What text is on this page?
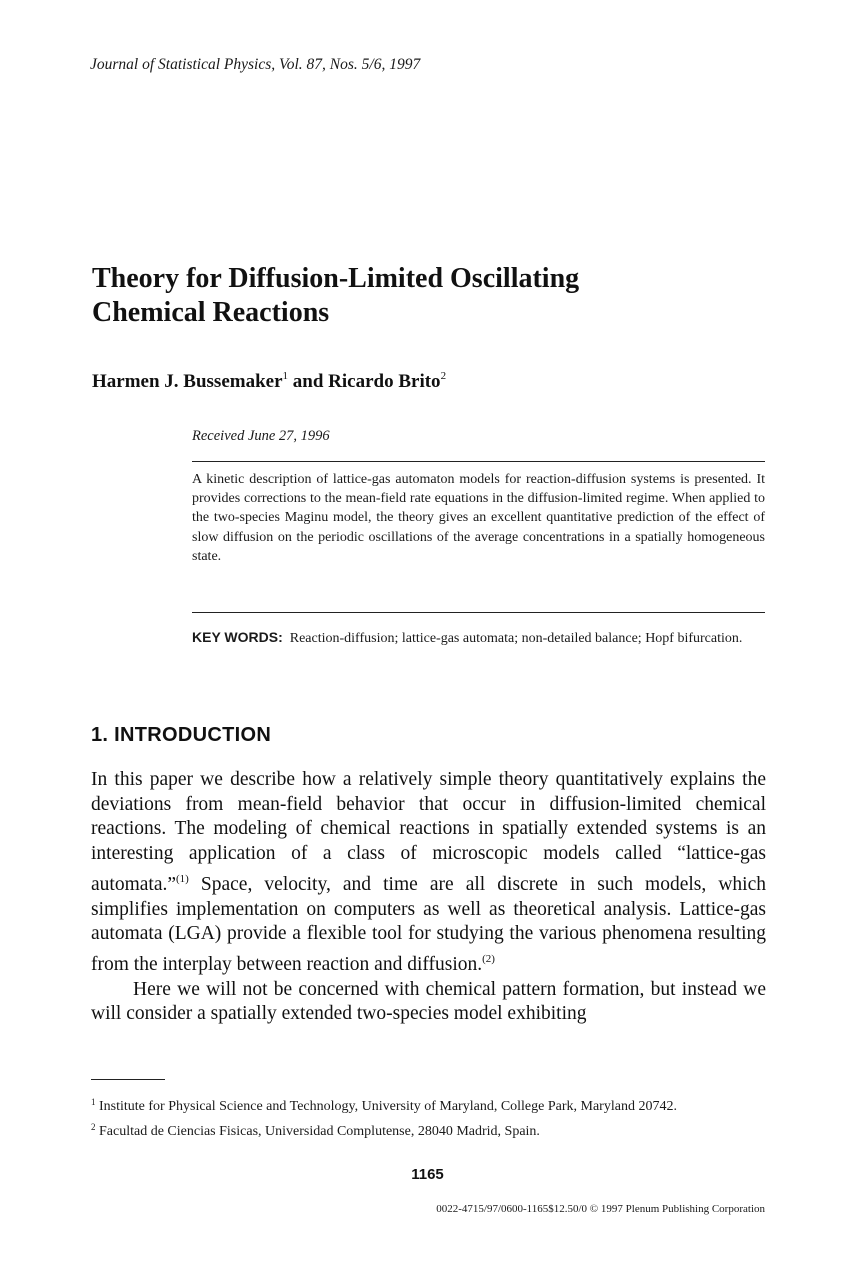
Journal of Statistical Physics, Vol. 87, Nos. 5/6, 1997
Theory for Diffusion-Limited Oscillating
Chemical Reactions
Harmen J. Bussemaker$^1$ and Ricardo Brito$^2$
Received June 27, 1996
A kinetic description of lattice-gas automaton models for reaction-diffusion systems is presented. It provides corrections to the mean-field rate equations in the diffusion-limited regime. When applied to the two-species Maginu model, the theory gives an excellent quantitative prediction of the effect of slow diffusion on the periodic oscillations of the average concentrations in a spatially homogeneous state.
KEY WORDS: Reaction-diffusion; lattice-gas automata; non-detailed balance; Hopf bifurcation.
1. INTRODUCTION

In this paper we describe how a relatively simple theory quantitatively explains the deviations from mean-field behavior that occur in diffusion-limited chemical reactions. The modeling of chemical reactions in spatially extended systems is an interesting application of a class of microscopic models called “lattice-gas automata.”$^{(1)}$ Space, velocity, and time are all discrete in such models, which simplifies implementation on computers as well as theoretical analysis. Lattice-gas automata (LGA) provide a flexible tool for studying the various phenomena resulting from the interplay between reaction and diffusion.$^{(2)}$

Here we will not be concerned with chemical pattern formation, but instead we will consider a spatially extended two-species model exhibiting

$^1$ Institute for Physical Science and Technology, University of Maryland, College Park, Maryland 20742.

$^2$ Facultad de Ciencias Fisicas, Universidad Complutense, 28040 Madrid, Spain.

1165
0022-4715/97/0600-1165$12.50/0 © 1997 Plenum Publishing Corporation
